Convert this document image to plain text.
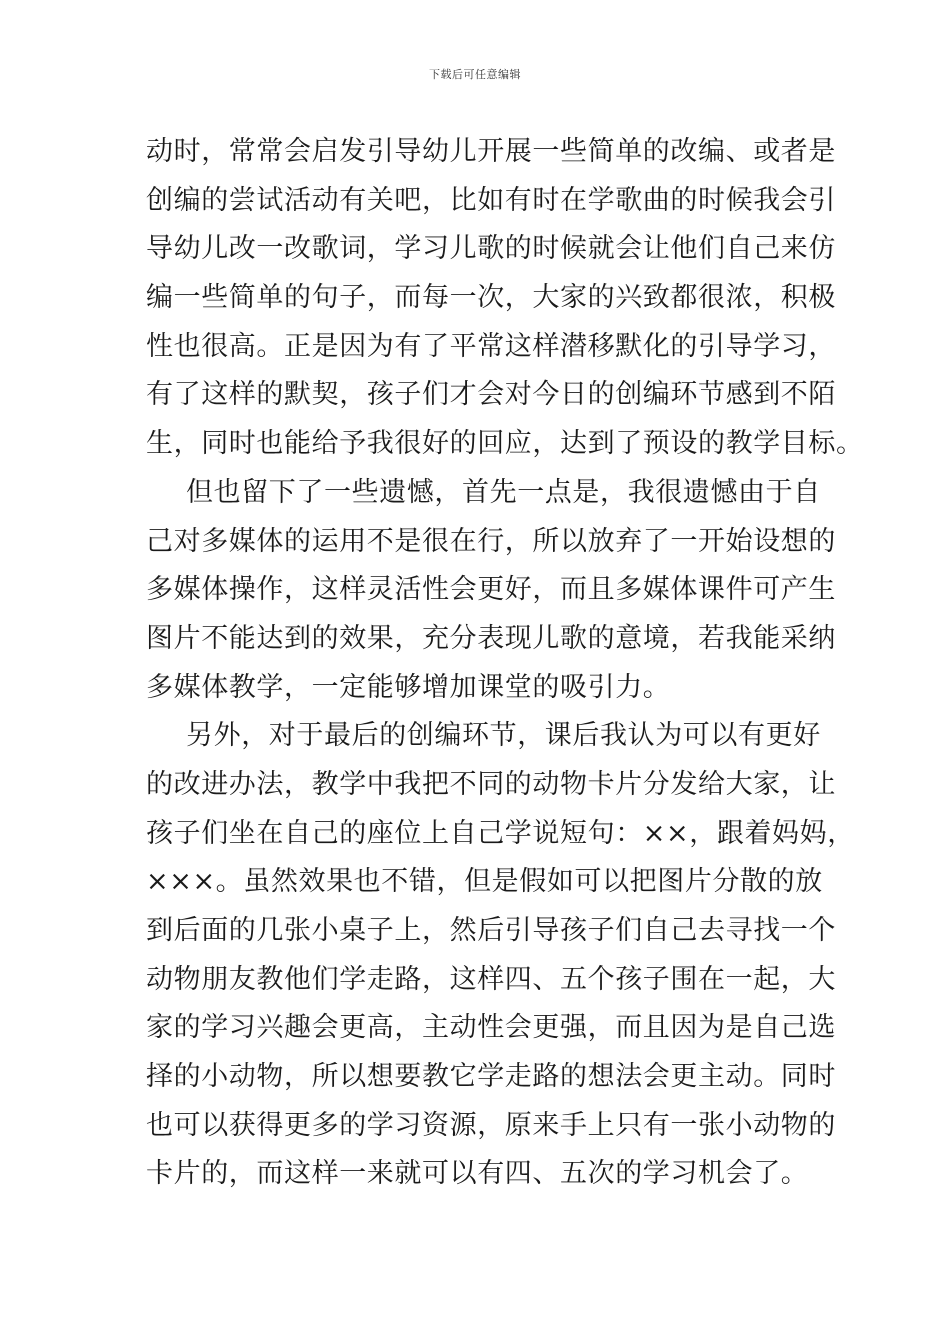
下载后可任意编辑
动时，常常会启发引导幼儿开展一些简单的改编、或者是
创编的尝试活动有关吧，比如有时在学歌曲的时候我会引
导幼儿改一改歌词，学习儿歌的时候就会让他们自己来仿
编一些简单的句子，而每一次，大家的兴致都很浓，积极
性也很高。正是因为有了平常这样潜移默化的引导学习，
有了这样的默契，孩子们才会对今日的创编环节感到不陌
生，同时也能给予我很好的回应，达到了预设的教学目标。
但也留下了一些遗憾，首先一点是，我很遗憾由于自
己对多媒体的运用不是很在行，所以放弃了一开始设想的
多媒体操作，这样灵活性会更好，而且多媒体课件可产生
图片不能达到的效果，充分表现儿歌的意境，若我能采纳
多媒体教学，一定能够增加课堂的吸引力。
另外，对于最后的创编环节，课后我认为可以有更好
的改进办法，教学中我把不同的动物卡片分发给大家，让
孩子们坐在自己的座位上自己学说短句：××，跟着妈妈，
×××。虽然效果也不错，但是假如可以把图片分散的放
到后面的几张小桌子上，然后引导孩子们自己去寻找一个
动物朋友教他们学走路，这样四、五个孩子围在一起，大
家的学习兴趣会更高，主动性会更强，而且因为是自己选
择的小动物，所以想要教它学走路的想法会更主动。同时
也可以获得更多的学习资源，原来手上只有一张小动物的
卡片的，而这样一来就可以有四、五次的学习机会了。
